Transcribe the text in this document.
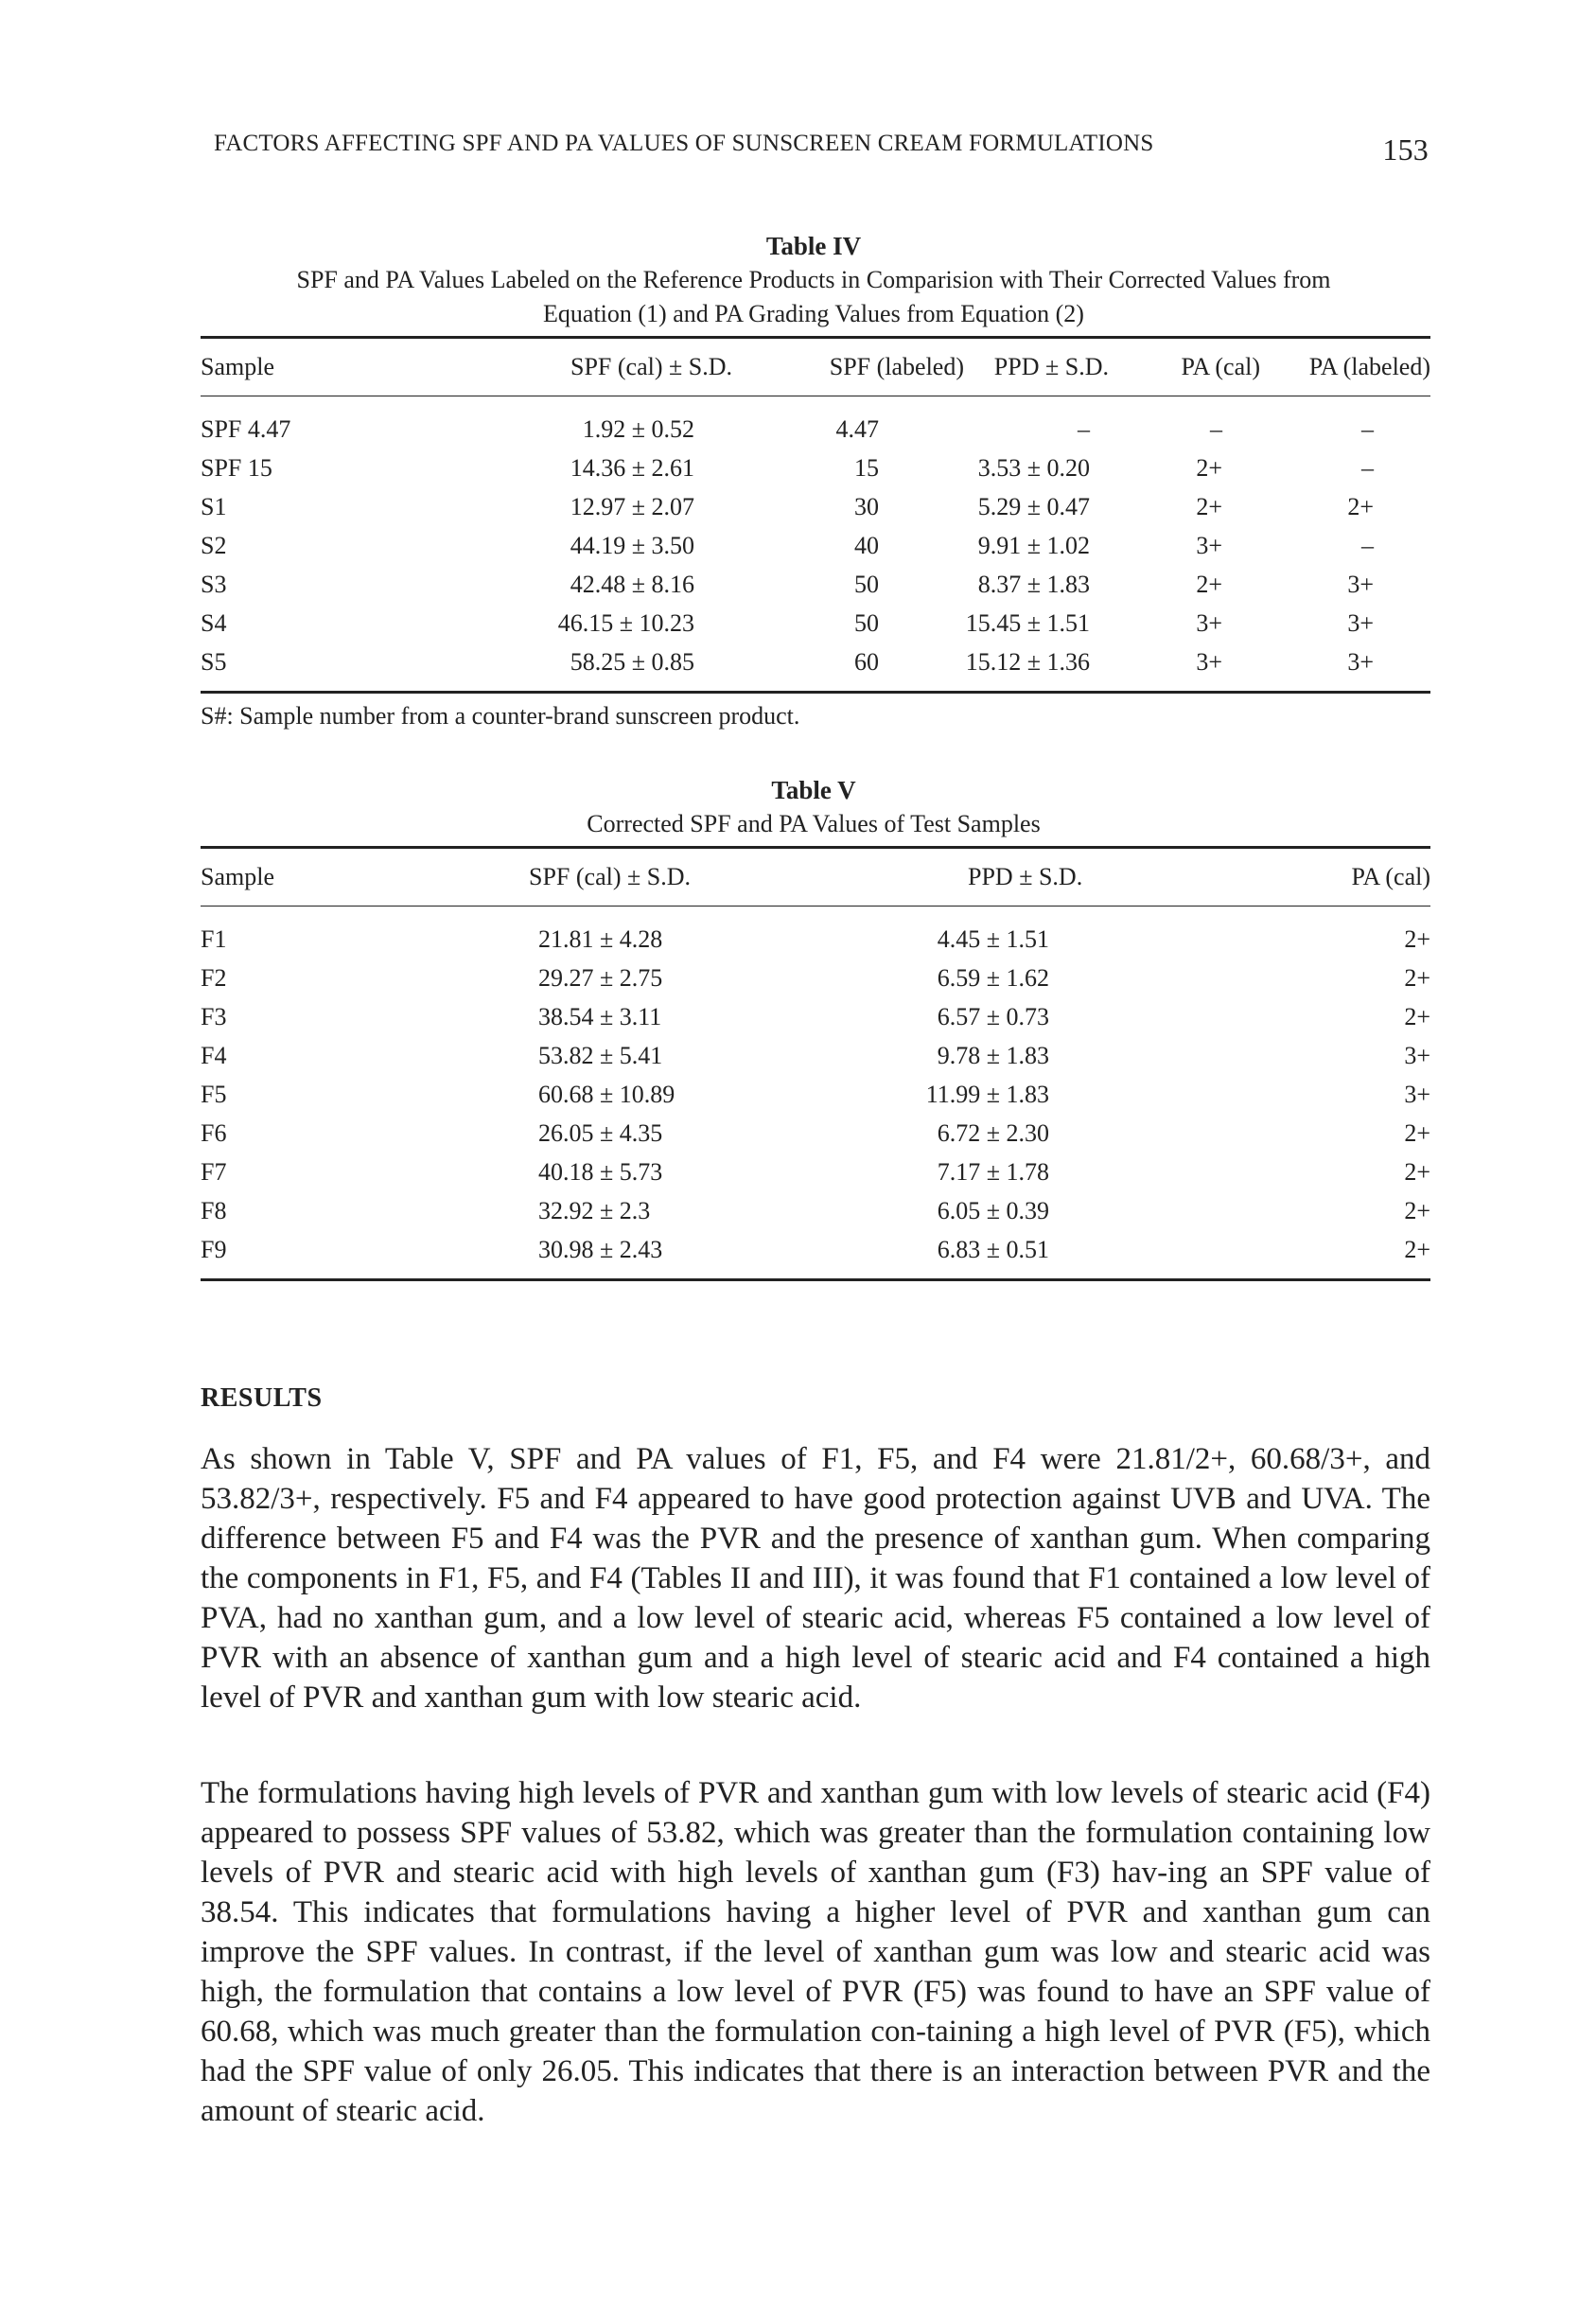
FACTORS AFFECTING SPF AND PA VALUES OF SUNSCREEN CREAM FORMULATIONS	153
Table IV
SPF and PA Values Labeled on the Reference Products in Comparision with Their Corrected Values from
Equation (1) and PA Grading Values from Equation (2)
Sample	SPF (cal) ± S.D.	SPF (labeled)	PPD ± S.D.	PA (cal)	PA (labeled)
SPF 4.47	1.92 ± 0.52	4.47	–	–	–
SPF 15	14.36 ± 2.61	15	3.53 ± 0.20	2+	–
S1	12.97 ± 2.07	30	5.29 ± 0.47	2+	2+
S2	44.19 ± 3.50	40	9.91 ± 1.02	3+	–
S3	42.48 ± 8.16	50	8.37 ± 1.83	2+	3+
S4	46.15 ± 10.23	50	15.45 ± 1.51	3+	3+
S5	58.25 ± 0.85	60	15.12 ± 1.36	3+	3+
S#: Sample number from a counter-brand sunscreen product.
Table V
Corrected SPF and PA Values of Test Samples
Sample	SPF (cal) ± S.D.	PPD ± S.D.	PA (cal)
F1	21.81 ± 4.28	4.45 ± 1.51	2+
F2	29.27 ± 2.75	6.59 ± 1.62	2+
F3	38.54 ± 3.11	6.57 ± 0.73	2+
F4	53.82 ± 5.41	9.78 ± 1.83	3+
F5	60.68 ± 10.89	11.99 ± 1.83	3+
F6	26.05 ± 4.35	6.72 ± 2.30	2+
F7	40.18 ± 5.73	7.17 ± 1.78	2+
F8	32.92 ± 2.3	6.05 ± 0.39	2+
F9	30.98 ± 2.43	6.83 ± 0.51	2+
RESULTS

As shown in Table V, SPF and PA values of F1, F5, and F4 were 21.81/2+, 60.68/3+, and 53.82/3+, respectively. F5 and F4 appeared to have good protection against UVB and UVA. The difference between F5 and F4 was the PVR and the presence of xanthan gum. When comparing the components in F1, F5, and F4 (Tables II and III), it was found that F1 contained a low level of PVA, had no xanthan gum, and a low level of stearic acid, whereas F5 contained a low level of PVR with an absence of xanthan gum and a high level of stearic acid and F4 contained a high level of PVR and xanthan gum with low stearic acid.

The formulations having high levels of PVR and xanthan gum with low levels of stearic acid (F4) appeared to possess SPF values of 53.82, which was greater than the formulation containing low levels of PVR and stearic acid with high levels of xanthan gum (F3) hav-ing an SPF value of 38.54. This indicates that formulations having a higher level of PVR and xanthan gum can improve the SPF values. In contrast, if the level of xanthan gum was low and stearic acid was high, the formulation that contains a low level of PVR (F5) was found to have an SPF value of 60.68, which was much greater than the formulation con-taining a high level of PVR (F5), which had the SPF value of only 26.05. This indicates that there is an interaction between PVR and the amount of stearic acid.
